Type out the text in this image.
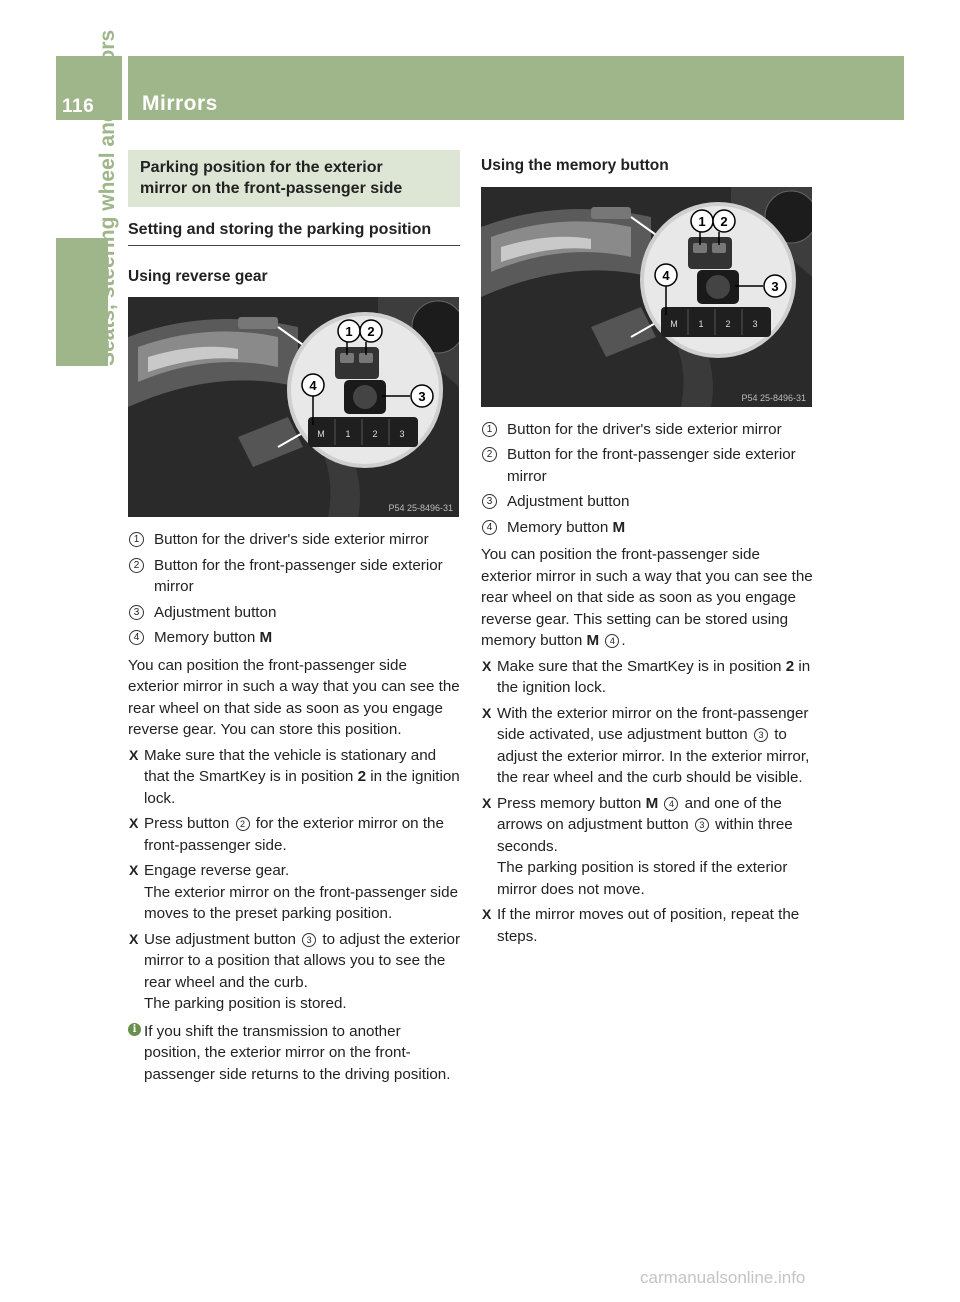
116 Mirrors
Seats, steering wheel and mirrors Parking position for the exterior
mirror on the front-passenger side
Setting and storing the parking position
Using reverse gear
M 1 2 3
1 2
3
4
P54 25-8496-31
1 Button for the driver's side exterior mirror
2 Button for the front-passenger side exterior mirror
3 Adjustment button
4 Memory button M
You can position the front-passenger side exterior mirror in such a way that you can see the rear wheel on that side as soon as you engage reverse gear. You can store this position.
X Make sure that the vehicle is stationary and that the SmartKey is in position 2 in the ignition lock.
X Press button 2 for the exterior mirror on the front-passenger side.
X Engage reverse gear.
The exterior mirror on the front-passenger side moves to the preset parking position.
X Use adjustment button 3 to adjust the exterior mirror to a position that allows you to see the rear wheel and the curb.
The parking position is stored.
i If you shift the transmission to another position, the exterior mirror on the front-passenger side returns to the driving position.
Using the memory button
M 1 2 3
1 2
3
4
P54 25-8496-31
1 Button for the driver's side exterior mirror
2 Button for the front-passenger side exterior mirror
3 Adjustment button
4 Memory button M
You can position the front-passenger side exterior mirror in such a way that you can see the rear wheel on that side as soon as you engage reverse gear. This setting can be stored using memory button M 4 .
X Make sure that the SmartKey is in position 2 in the ignition lock.
X With the exterior mirror on the front-passenger side activated, use adjustment button 3 to adjust the exterior mirror. In the exterior mirror, the rear wheel and the curb should be visible.
X Press memory button M 4 and one of the arrows on adjustment button 3 within three seconds.
The parking position is stored if the exterior mirror does not move.
X If the mirror moves out of position, repeat the steps.
carmanualsonline.info
